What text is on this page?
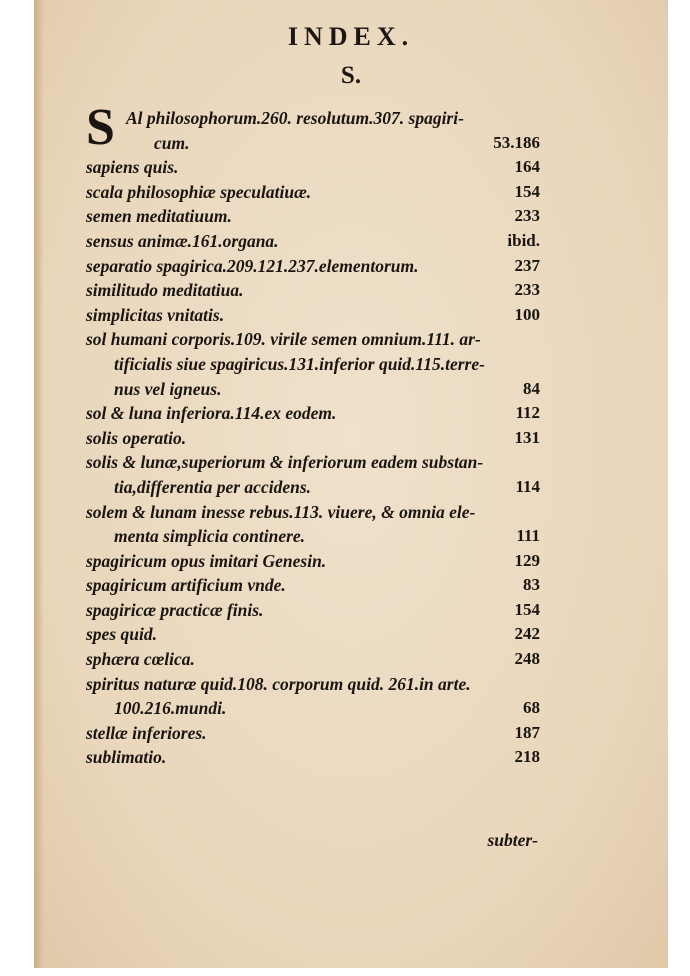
INDEX.
S.
S Al philosophorum.260. resolutum.307. spagiri-
cum.	53.186
sapiens quis.	164
scala philosophiæ speculatiuæ.	154
semen meditatiuum.	233
sensus animæ.161.organa.	ibid.
separatio spagirica.209.121.237.elementorum.	237
similitudo meditatiua.	233
simplicitas vnitatis.	100
sol humani corporis.109. virile semen omnium.111. ar-
tificialis siue spagiricus.131.inferior quid.115.terre-
nus vel igneus.	84
sol & luna inferiora.114.ex eodem.	112
solis operatio.	131
solis & lunæ,superiorum & inferiorum eadem substan-
tia,differentia per accidens.	114
solem & lunam inesse rebus.113. viuere, & omnia ele-
menta simplicia continere.	111
spagiricum opus imitari Genesin.	129
spagiricum artificium vnde.	83
spagiricæ practicæ finis.	154
spes quid.	242
sphæra cœlica.	248
spiritus naturæ quid.108. corporum quid. 261.in arte.
100.216.mundi.	68
stellæ inferiores.	187
sublimatio.	218
subter-
